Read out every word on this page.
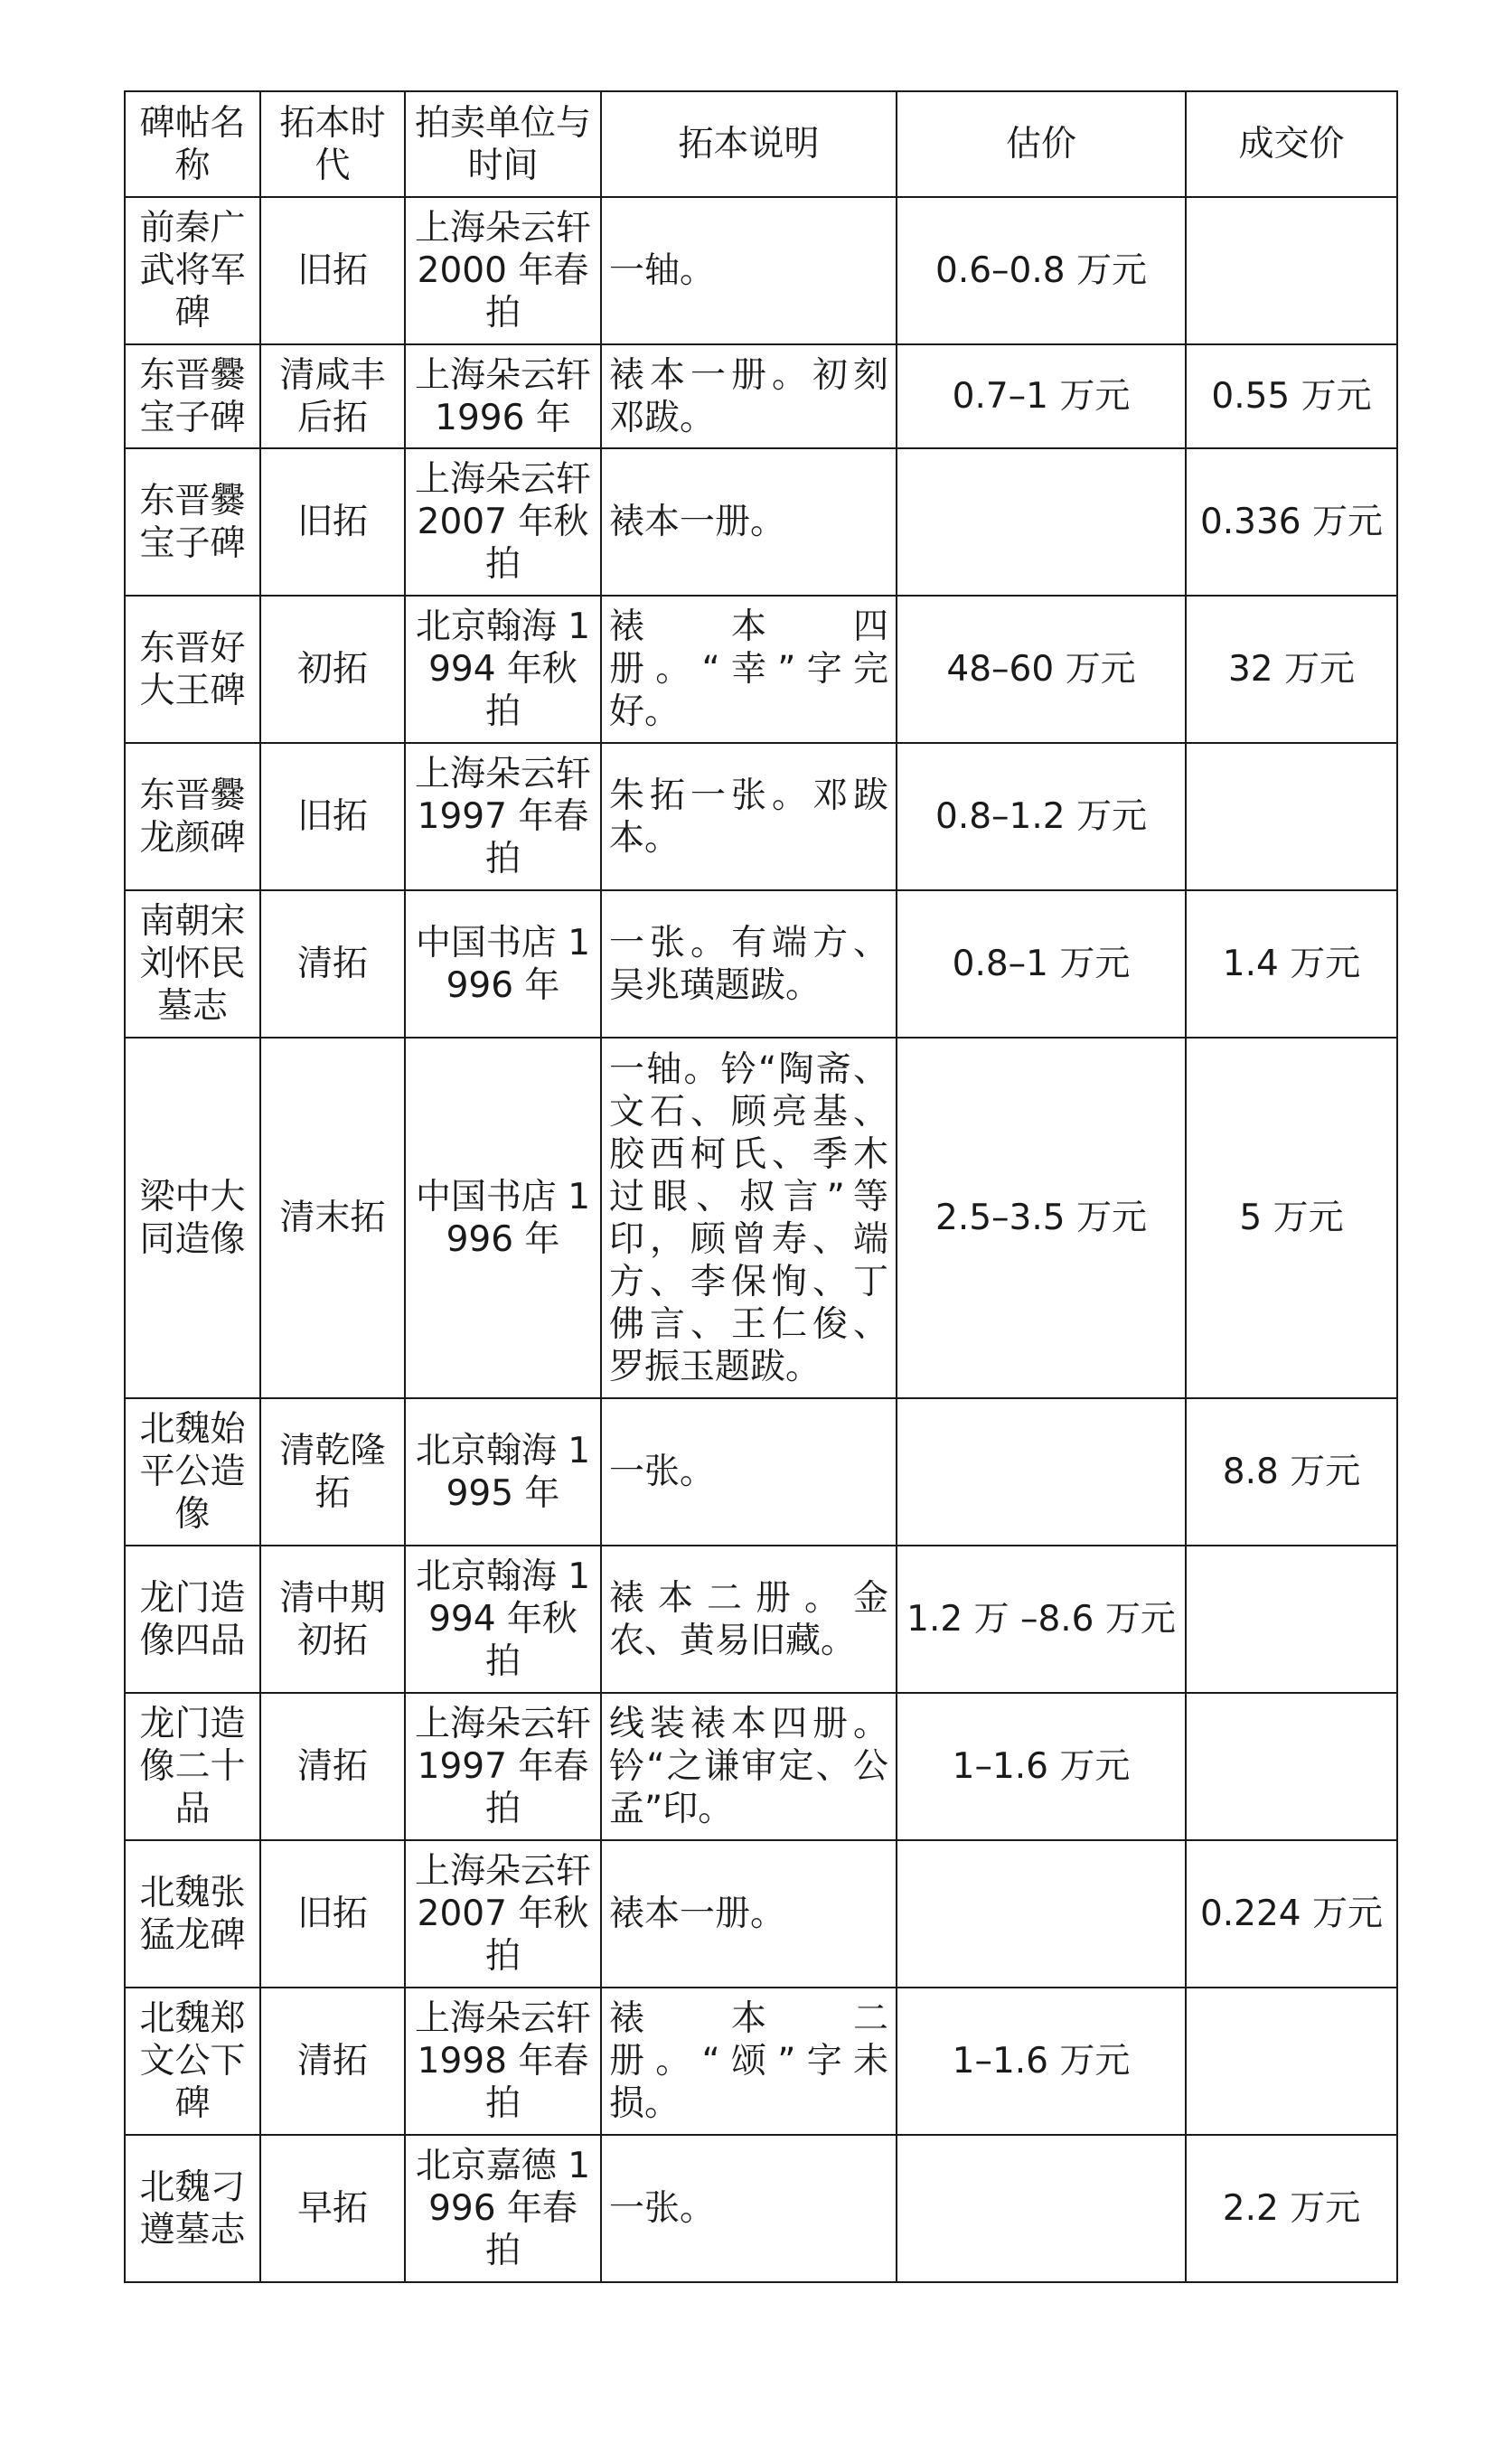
碑帖名称	拓本时代	拍卖单位与时间	拓本说明	估价	成交价
前秦广武将军碑	旧拓	上海朵云轩 2000 年春拍	一轴。	0.6–0.8 万元	
东晋爨宝子碑	清咸丰后拓	上海朵云轩 1996 年	裱本一册。初刻邓跋。	0.7–1 万元	0.55 万元
东晋爨宝子碑	旧拓	上海朵云轩 2007 年秋拍	裱本一册。		0.336 万元
东晋好大王碑	初拓	北京翰海 1994 年秋拍	裱本四册。“幸”字完好。	48–60 万元	32 万元
东晋爨龙颜碑	旧拓	上海朵云轩 1997 年春拍	朱拓一张。邓跋本。	0.8–1.2 万元	
南朝宋刘怀民墓志	清拓	中国书店 1996 年	一张。有端方、吴兆璜题跋。	0.8–1 万元	1.4 万元
梁中大同造像	清末拓	中国书店 1996 年	一轴。钤“陶斋、文石、顾亮基、胶西柯氏、季木过眼、叔言”等印，顾曾寿、端方、李保恂、丁佛言、王仁俊、罗振玉题跋。	2.5–3.5 万元	5 万元
北魏始平公造像	清乾隆拓	北京翰海 1995 年	一张。		8.8 万元
龙门造像四品	清中期初拓	北京翰海 1994 年秋拍	裱本二册。金农、黄易旧藏。	1.2 万 –8.6 万元	
龙门造像二十品	清拓	上海朵云轩 1997 年春拍	线装裱本四册。钤“之谦审定、公孟”印。	1–1.6 万元	
北魏张猛龙碑	旧拓	上海朵云轩 2007 年秋拍	裱本一册。		0.224 万元
北魏郑文公下碑	清拓	上海朵云轩 1998 年春拍	裱本二册。“颂”字未损。	1–1.6 万元	
北魏刁遵墓志	早拓	北京嘉德 1996 年春拍	一张。		2.2 万元
